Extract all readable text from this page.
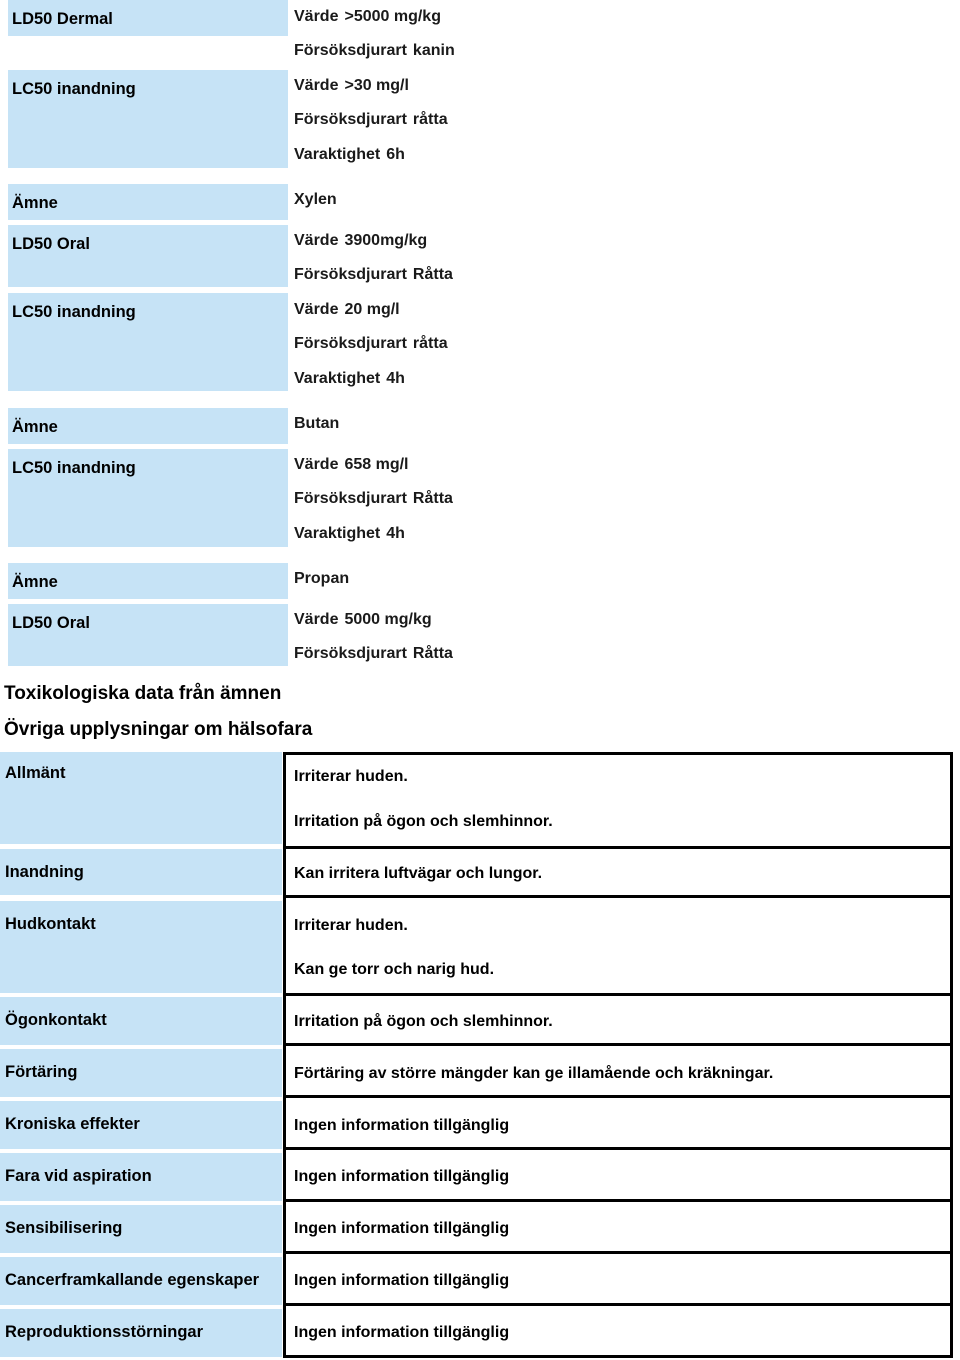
LD50 Dermal
LC50 inandning
Ämne
LD50 Oral
LC50 inandning
Ämne
LC50 inandning
Ämne
LD50 Oral
Värde >5000 mg/kg
Försöksdjurart kanin
Värde >30 mg/l
Försöksdjurart råtta
Varaktighet 6h
Xylen
Värde 3900mg/kg
Försöksdjurart Råtta
Värde 20 mg/l
Försöksdjurart råtta
Varaktighet 4h
Butan
Värde 658 mg/l
Försöksdjurart Råtta
Varaktighet 4h
Propan
Värde 5000 mg/kg
Försöksdjurart Råtta
Toxikologiska data från ämnen
Övriga upplysningar om hälsofara
Allmänt
Inandning
Hudkontakt
Ögonkontakt
Förtäring
Kroniska effekter
Fara vid aspiration
Sensibilisering
Cancerframkallande egenskaper
Reproduktionsstörningar
Irriterar huden.
Irritation på ögon och slemhinnor.
Kan irritera luftvägar och lungor.
Irriterar huden.
Kan ge torr och narig hud.
Irritation på ögon och slemhinnor.
Förtäring av större mängder kan ge illamående och kräkningar.
Ingen information tillgänglig
Ingen information tillgänglig
Ingen information tillgänglig
Ingen information tillgänglig
Ingen information tillgänglig
